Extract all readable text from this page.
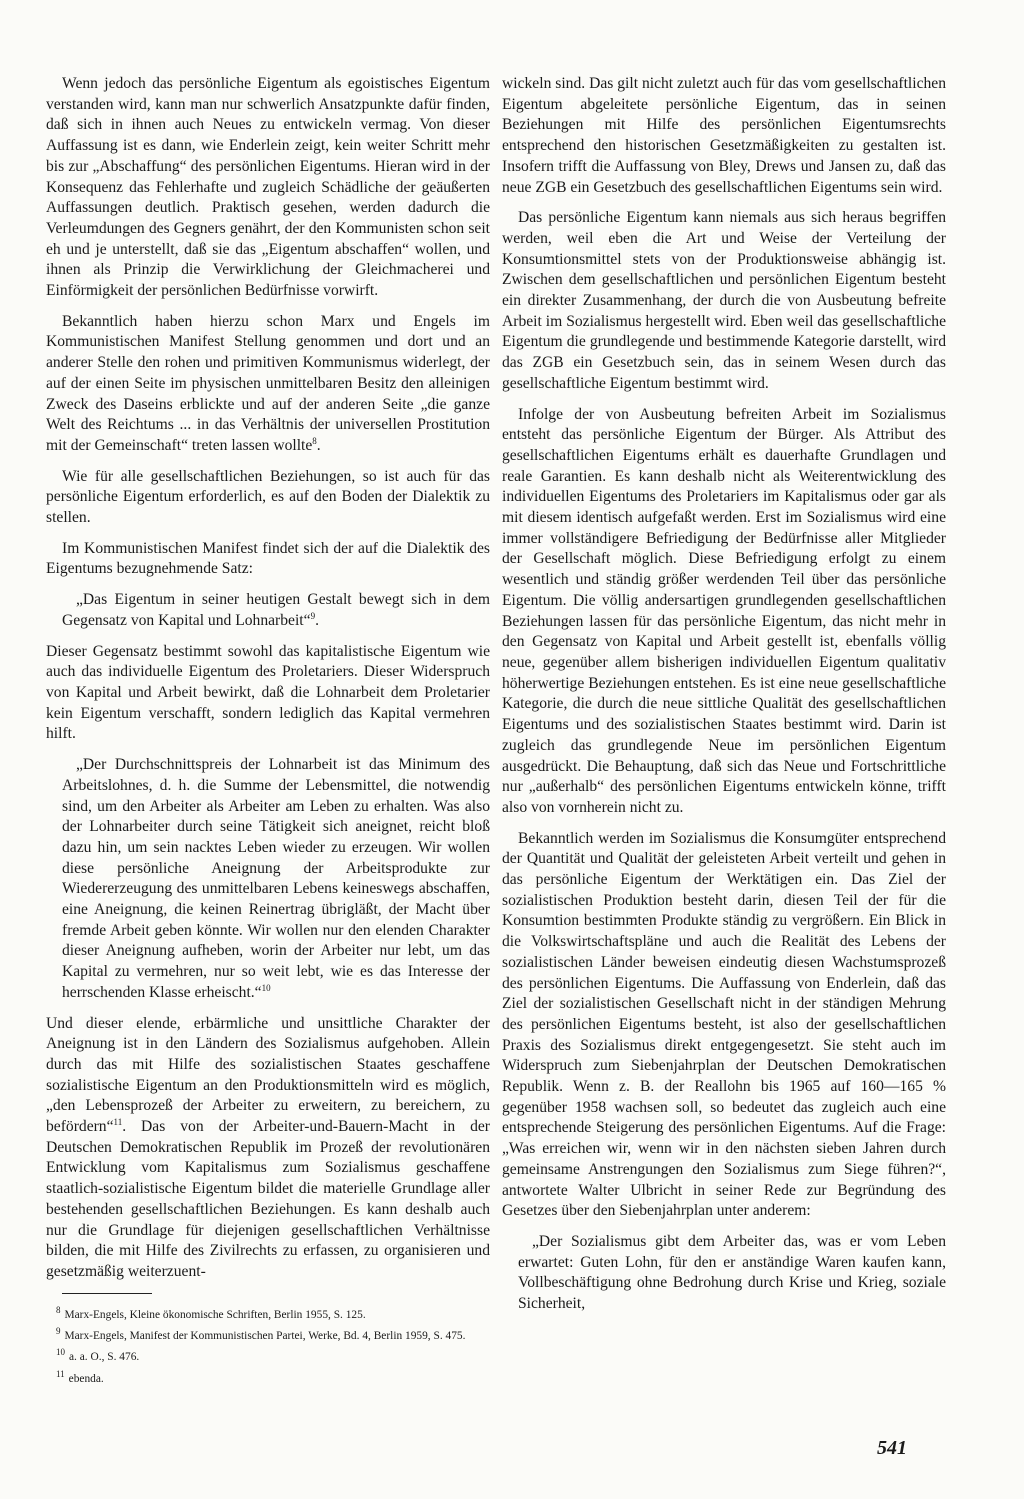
Wenn jedoch das persönliche Eigentum als egoistisches Eigentum verstanden wird, kann man nur schwerlich Ansatzpunkte dafür finden, daß sich in ihnen auch Neues zu entwickeln vermag. Von dieser Auffassung ist es dann, wie Enderlein zeigt, kein weiter Schritt mehr bis zur „Abschaffung“ des persönlichen Eigentums. Hieran wird in der Konsequenz das Fehlerhafte und zugleich Schädliche der geäußerten Auffassungen deutlich. Praktisch gesehen, werden dadurch die Verleumdungen des Gegners genährt, der den Kommunisten schon seit eh und je unterstellt, daß sie das „Eigentum abschaffen“ wollen, und ihnen als Prinzip die Verwirklichung der Gleichmacherei und Einförmigkeit der persönlichen Bedürfnisse vorwirft.

Bekanntlich haben hierzu schon Marx und Engels im Kommunistischen Manifest Stellung genommen und dort und an anderer Stelle den rohen und primitiven Kommunismus widerlegt, der auf der einen Seite im physischen unmittelbaren Besitz den alleinigen Zweck des Daseins erblickte und auf der anderen Seite „die ganze Welt des Reichtums ... in das Verhältnis der universellen Prostitution mit der Gemeinschaft“ treten lassen wollte$^8$.

Wie für alle gesellschaftlichen Beziehungen, so ist auch für das persönliche Eigentum erforderlich, es auf den Boden der Dialektik zu stellen.

Im Kommunistischen Manifest findet sich der auf die Dialektik des Eigentums bezugnehmende Satz:

„Das Eigentum in seiner heutigen Gestalt bewegt sich in dem Gegensatz von Kapital und Lohnarbeit“$^9$.

Dieser Gegensatz bestimmt sowohl das kapitalistische Eigentum wie auch das individuelle Eigentum des Proletariers. Dieser Widerspruch von Kapital und Arbeit bewirkt, daß die Lohnarbeit dem Proletarier kein Eigentum verschafft, sondern lediglich das Kapital vermehren hilft.

„Der Durchschnittspreis der Lohnarbeit ist das Minimum des Arbeitslohnes, d. h. die Summe der Lebensmittel, die notwendig sind, um den Arbeiter als Arbeiter am Leben zu erhalten. Was also der Lohnarbeiter durch seine Tätigkeit sich aneignet, reicht bloß dazu hin, um sein nacktes Leben wieder zu erzeugen. Wir wollen diese persönliche Aneignung der Arbeitsprodukte zur Wiedererzeugung des unmittelbaren Lebens keineswegs abschaffen, eine Aneignung, die keinen Reinertrag übrigläßt, der Macht über fremde Arbeit geben könnte. Wir wollen nur den elenden Charakter dieser Aneignung aufheben, worin der Arbeiter nur lebt, um das Kapital zu vermehren, nur so weit lebt, wie es das Interesse der herrschenden Klasse erheischt.“$^{10}$

Und dieser elende, erbärmliche und unsittliche Charakter der Aneignung ist in den Ländern des Sozialismus aufgehoben. Allein durch das mit Hilfe des sozialistischen Staates geschaffene sozialistische Eigentum an den Produktionsmitteln wird es möglich, „den Lebensprozeß der Arbeiter zu erweitern, zu bereichern, zu befördern“$^{11}$. Das von der Arbeiter-und-Bauern-Macht in der Deutschen Demokratischen Republik im Prozeß der revolutionären Entwicklung vom Kapitalismus zum Sozialismus geschaffene staatlich-sozialistische Eigentum bildet die materielle Grundlage aller bestehenden gesellschaftlichen Beziehungen. Es kann deshalb auch nur die Grundlage für diejenigen gesellschaftlichen Verhältnisse bilden, die mit Hilfe des Zivilrechts zu erfassen, zu organisieren und gesetzmäßig weiterzuent-

$^8$ Marx-Engels, Kleine ökonomische Schriften, Berlin 1955, S. 125.
$^9$ Marx-Engels, Manifest der Kommunistischen Partei, Werke, Bd. 4, Berlin 1959, S. 475.
$^{10}$ a. a. O., S. 476.
$^{11}$ ebenda.

wickeln sind. Das gilt nicht zuletzt auch für das vom gesellschaftlichen Eigentum abgeleitete persönliche Eigentum, das in seinen Beziehungen mit Hilfe des persönlichen Eigentumsrechts entsprechend den historischen Gesetzmäßigkeiten zu gestalten ist. Insofern trifft die Auffassung von Bley, Drews und Jansen zu, daß das neue ZGB ein Gesetzbuch des gesellschaftlichen Eigentums sein wird.

Das persönliche Eigentum kann niemals aus sich heraus begriffen werden, weil eben die Art und Weise der Verteilung der Konsumtionsmittel stets von der Produktionsweise abhängig ist. Zwischen dem gesellschaftlichen und persönlichen Eigentum besteht ein direkter Zusammenhang, der durch die von Ausbeutung befreite Arbeit im Sozialismus hergestellt wird. Eben weil das gesellschaftliche Eigentum die grundlegende und bestimmende Kategorie darstellt, wird das ZGB ein Gesetzbuch sein, das in seinem Wesen durch das gesellschaftliche Eigentum bestimmt wird.

Infolge der von Ausbeutung befreiten Arbeit im Sozialismus entsteht das persönliche Eigentum der Bürger. Als Attribut des gesellschaftlichen Eigentums erhält es dauerhafte Grundlagen und reale Garantien. Es kann deshalb nicht als Weiterentwicklung des individuellen Eigentums des Proletariers im Kapitalismus oder gar als mit diesem identisch aufgefaßt werden. Erst im Sozialismus wird eine immer vollständigere Befriedigung der Bedürfnisse aller Mitglieder der Gesellschaft möglich. Diese Befriedigung erfolgt zu einem wesentlich und ständig größer werdenden Teil über das persönliche Eigentum. Die völlig andersartigen grundlegenden gesellschaftlichen Beziehungen lassen für das persönliche Eigentum, das nicht mehr in den Gegensatz von Kapital und Arbeit gestellt ist, ebenfalls völlig neue, gegenüber allem bisherigen individuellen Eigentum qualitativ höherwertige Beziehungen entstehen. Es ist eine neue gesellschaftliche Kategorie, die durch die neue sittliche Qualität des gesellschaftlichen Eigentums und des sozialistischen Staates bestimmt wird. Darin ist zugleich das grundlegende Neue im persönlichen Eigentum ausgedrückt. Die Behauptung, daß sich das Neue und Fortschrittliche nur „außerhalb“ des persönlichen Eigentums entwickeln könne, trifft also von vornherein nicht zu.

Bekanntlich werden im Sozialismus die Konsumgüter entsprechend der Quantität und Qualität der geleisteten Arbeit verteilt und gehen in das persönliche Eigentum der Werktätigen ein. Das Ziel der sozialistischen Produktion besteht darin, diesen Teil der für die Konsumtion bestimmten Produkte ständig zu vergrößern. Ein Blick in die Volkswirtschaftspläne und auch die Realität des Lebens der sozialistischen Länder beweisen eindeutig diesen Wachstumsprozeß des persönlichen Eigentums. Die Auffassung von Enderlein, daß das Ziel der sozialistischen Gesellschaft nicht in der ständigen Mehrung des persönlichen Eigentums besteht, ist also der gesellschaftlichen Praxis des Sozialismus direkt entgegengesetzt. Sie steht auch im Widerspruch zum Siebenjahrplan der Deutschen Demokratischen Republik. Wenn z. B. der Reallohn bis 1965 auf 160—165 % gegenüber 1958 wachsen soll, so bedeutet das zugleich auch eine entsprechende Steigerung des persönlichen Eigentums. Auf die Frage: „Was erreichen wir, wenn wir in den nächsten sieben Jahren durch gemeinsame Anstrengungen den Sozialismus zum Siege führen?“, antwortete Walter Ulbricht in seiner Rede zur Begründung des Gesetzes über den Siebenjahrplan unter anderem:

„Der Sozialismus gibt dem Arbeiter das, was er vom Leben erwartet: Guten Lohn, für den er anständige Waren kaufen kann, Vollbeschäftigung ohne Bedrohung durch Krise und Krieg, soziale Sicherheit,

541
